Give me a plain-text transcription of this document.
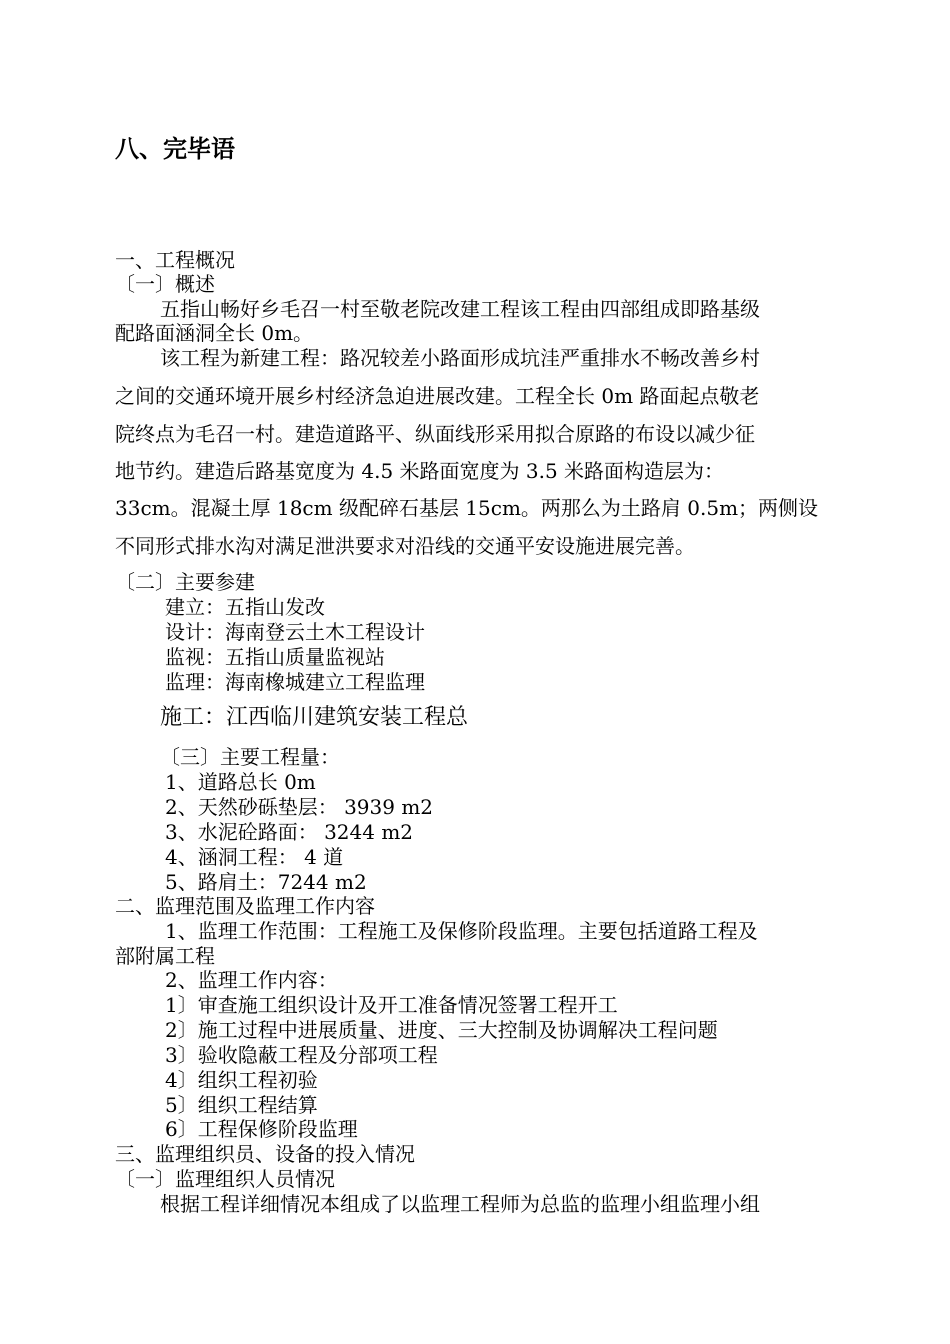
八、完毕语
一、工程概况
〔一〕概述
五指山畅好乡毛召一村至敬老院改建工程该工程由四部组成即路基级
配路面涵洞全长 0m。
该工程为新建工程：路况较差小路面形成坑洼严重排水不畅改善乡村
之间的交通环境开展乡村经济急迫进展改建。工程全长 0m 路面起点敬老
院终点为毛召一村。建造道路平、纵面线形采用拟合原路的布设以减少征
地节约。建造后路基宽度为 4.5 米路面宽度为 3.5 米路面构造层为：
33cm。混凝土厚 18cm 级配碎石基层 15cm。两那么为土路肩 0.5m；两侧设
不同形式排水沟对满足泄洪要求对沿线的交通平安设施进展完善。
〔二〕主要参建
建立：五指山发改
设计：海南登云土木工程设计
监视：五指山质量监视站
监理：海南橡城建立工程监理
施工：江西临川建筑安装工程总
〔三〕主要工程量：
1、道路总长 0m
2、天然砂砾垫层： 3939 m2
3、水泥砼路面： 3244 m2
4、涵洞工程： 4 道
5、路肩土：7244 m2
二、监理范围及监理工作内容
1、监理工作范围：工程施工及保修阶段监理。主要包括道路工程及
部附属工程
2、监理工作内容：
1〕审查施工组织设计及开工准备情况签署工程开工
2〕施工过程中进展质量、进度、三大控制及协调解决工程问题
3〕验收隐蔽工程及分部项工程
4〕组织工程初验
5〕组织工程结算
6〕工程保修阶段监理
三、监理组织员、设备的投入情况
〔一〕监理组织人员情况
根据工程详细情况本组成了以监理工程师为总监的监理小组监理小组
